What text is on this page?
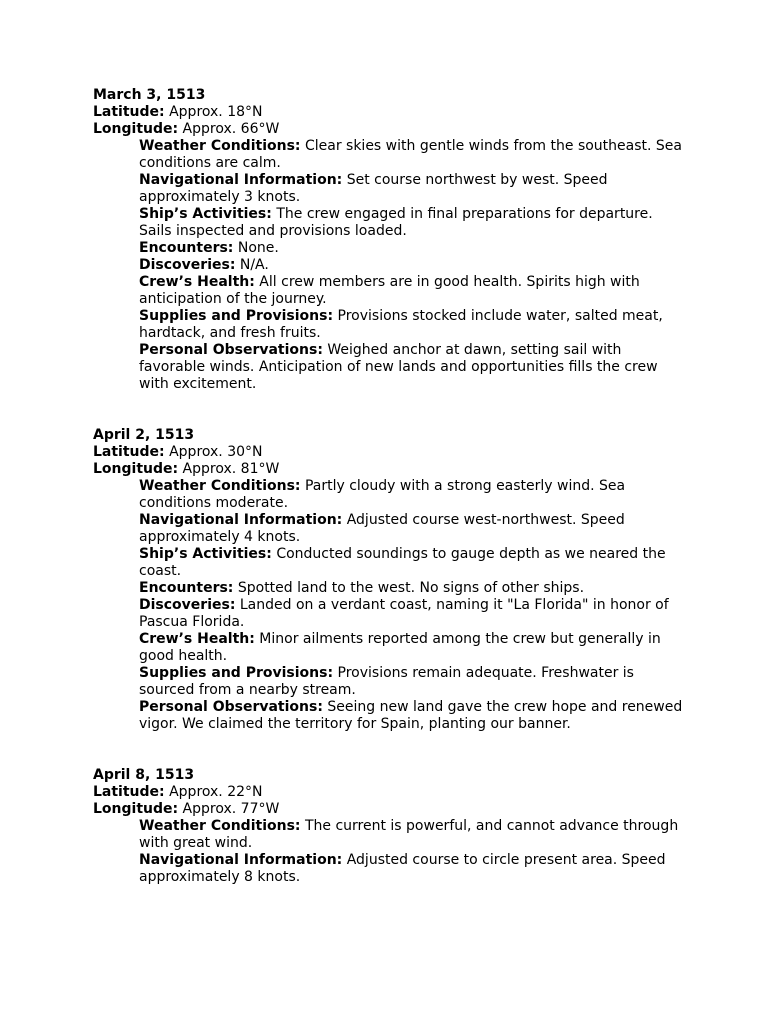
March 3, 1513

Latitude: Approx. 18°N

Longitude: Approx. 66°W

Weather Conditions: Clear skies with gentle winds from the southeast. Sea conditions are calm.

Navigational Information: Set course northwest by west. Speed approximately 3 knots.

Ship’s Activities: The crew engaged in final preparations for departure. Sails inspected and provisions loaded.

Encounters: None.

Discoveries: N/A.

Crew’s Health: All crew members are in good health. Spirits high with anticipation of the journey.

Supplies and Provisions: Provisions stocked include water, salted meat, hardtack, and fresh fruits.

Personal Observations: Weighed anchor at dawn, setting sail with favorable winds. Anticipation of new lands and opportunities fills the crew with excitement.

April 2, 1513

Latitude: Approx. 30°N

Longitude: Approx. 81°W

Weather Conditions: Partly cloudy with a strong easterly wind. Sea conditions moderate.

Navigational Information: Adjusted course west-northwest. Speed approximately 4 knots.

Ship’s Activities: Conducted soundings to gauge depth as we neared the coast.

Encounters: Spotted land to the west. No signs of other ships.

Discoveries: Landed on a verdant coast, naming it "La Florida" in honor of Pascua Florida.

Crew’s Health: Minor ailments reported among the crew but generally in good health.

Supplies and Provisions: Provisions remain adequate. Freshwater is sourced from a nearby stream.

Personal Observations: Seeing new land gave the crew hope and renewed vigor. We claimed the territory for Spain, planting our banner.

April 8, 1513

Latitude: Approx. 22°N

Longitude: Approx. 77°W

Weather Conditions: The current is powerful, and cannot advance through with great wind.

Navigational Information: Adjusted course to circle present area. Speed approximately 8 knots.
